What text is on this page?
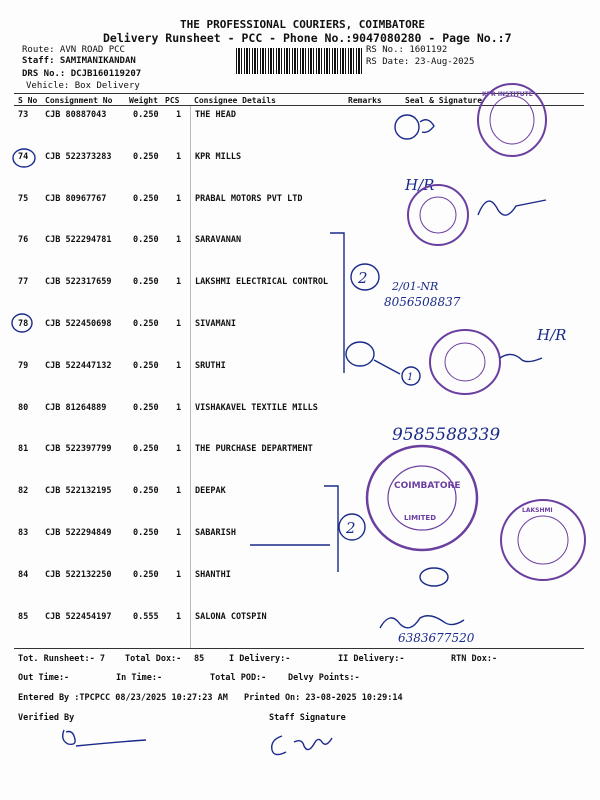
THE PROFESSIONAL COURIERS, COIMBATORE
Delivery Runsheet - PCC - Phone No.:9047080280 - Page No.:7
Route: AVN ROAD PCC
Staff: SAMIMANIKANDAN
DRS No.: DCJB160119207
Vehicle: Box Delivery
RS No.: 1601192
RS Date: 23-Aug-2025
S No Consignment No Weight PCS Consignee Details	Remarks	Seal & Signature
73 CJB 80887043	0.250 1 THE HEAD
74 CJB 522373283	0.250 1 KPR MILLS
75 CJB 80967767	0.250 1 PRABAL MOTORS PVT LTD
76 CJB 522294781	0.250 1 SARAVANAN
77 CJB 522317659	0.250 1 LAKSHMI ELECTRICAL CONTROL
78 CJB 522450698	0.250 1 SIVAMANI
79 CJB 522447132	0.250 1 SRUTHI
80 CJB 81264889	0.250 1 VISHAKAVEL TEXTILE MILLS
81 CJB 522397799	0.250 1 THE PURCHASE DEPARTMENT
82 CJB 522132195	0.250 1 DEEPAK
83 CJB 522294849	0.250 1 SABARISH
84 CJB 522132250	0.250 1 SHANTHI
85 CJB 522454197	0.555 1 SALONA COTSPIN
Tot. Runsheet:- 7 Total Dox:- 85	I Delivery:-	II Delivery:-	RTN Dox:-
Out Time:-	In Time:-	Total POD:-	Delvy Points:-
Entered By :TPCPCC 08/23/2025 10:27:23 AM Printed On: 23-08-2025 10:29:14
Verified By	Staff Signature
KPR INSTITUTE
H/R
2 2/01-NR
8056508837
1
H/R
9585588339
COIMBATORE
LIMITED
2
LAKSHMI
6383677520
